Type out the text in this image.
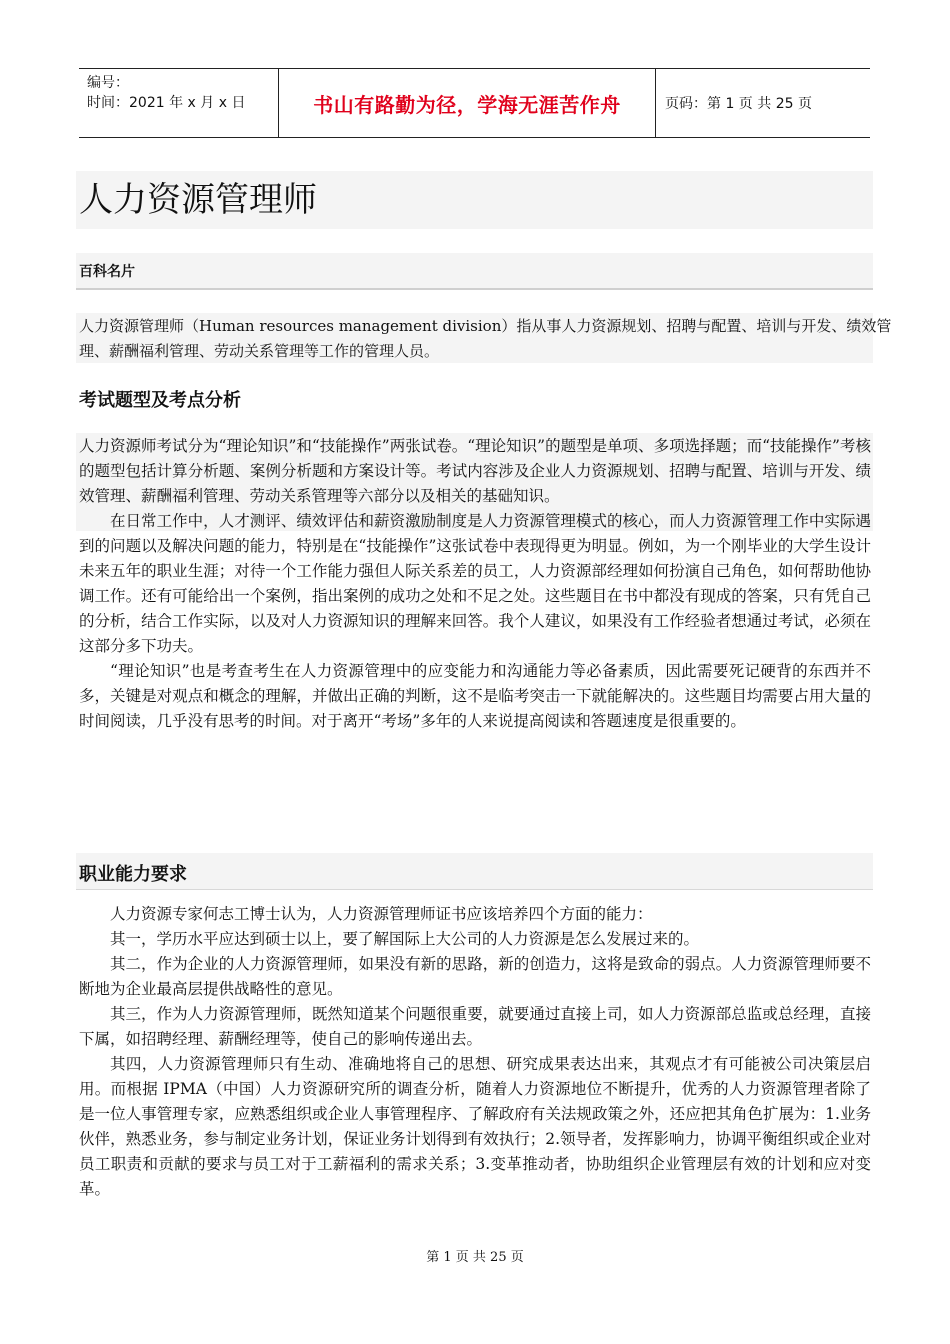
编号：
时间：2021 年 x 月 x 日	书山有路勤为径，学海无涯苦作舟	页码：第 1 页 共 25 页
人力资源管理师
百科名片
人力资源管理师（Human resources management division）指从事人力资源规划、招聘与配置、培训与开发、绩效管理、薪酬福利管理、劳动关系管理等工作的管理人员。
考试题型及考点分析

人力资源师考试分为“理论知识”和“技能操作”两张试卷。“理论知识”的题型是单项、多项选择题；而“技能操作”考核的题型包括计算分析题、案例分析题和方案设计等。考试内容涉及企业人力资源规划、招聘与配置、培训与开发、绩效管理、薪酬福利管理、劳动关系管理等六部分以及相关的基础知识。

在日常工作中，人才测评、绩效评估和薪资激励制度是人力资源管理模式的核心，而人力资源管理工作中实际遇到的问题以及解决问题的能力，特别是在“技能操作”这张试卷中表现得更为明显。例如，为一个刚毕业的大学生设计未来五年的职业生涯；对待一个工作能力强但人际关系差的员工，人力资源部经理如何扮演自己角色，如何帮助他协调工作。还有可能给出一个案例，指出案例的成功之处和不足之处。这些题目在书中都没有现成的答案，只有凭自己的分析，结合工作实际，以及对人力资源知识的理解来回答。我个人建议，如果没有工作经验者想通过考试，必须在这部分多下功夫。

“理论知识”也是考查考生在人力资源管理中的应变能力和沟通能力等必备素质，因此需要死记硬背的东西并不多，关键是对观点和概念的理解，并做出正确的判断，这不是临考突击一下就能解决的。这些题目均需要占用大量的时间阅读，几乎没有思考的时间。对于离开“考场”多年的人来说提高阅读和答题速度是很重要的。

职业能力要求

人力资源专家何志工博士认为，人力资源管理师证书应该培养四个方面的能力：

其一，学历水平应达到硕士以上，要了解国际上大公司的人力资源是怎么发展过来的。

其二，作为企业的人力资源管理师，如果没有新的思路，新的创造力，这将是致命的弱点。人力资源管理师要不断地为企业最高层提供战略性的意见。

其三，作为人力资源管理师，既然知道某个问题很重要，就要通过直接上司，如人力资源部总监或总经理，直接下属，如招聘经理、薪酬经理等，使自己的影响传递出去。

其四，人力资源管理师只有生动、准确地将自己的思想、研究成果表达出来，其观点才有可能被公司决策层启用。而根据 IPMA（中国）人力资源研究所的调查分析，随着人力资源地位不断提升，优秀的人力资源管理者除了是一位人事管理专家，应熟悉组织或企业人事管理程序、了解政府有关法规政策之外，还应把其角色扩展为：1.业务伙伴，熟悉业务，参与制定业务计划，保证业务计划得到有效执行；2.领导者，发挥影响力，协调平衡组织或企业对员工职责和贡献的要求与员工对于工薪福利的需求关系；3.变革推动者，协助组织企业管理层有效的计划和应对变革。

第 1 页 共 25 页
